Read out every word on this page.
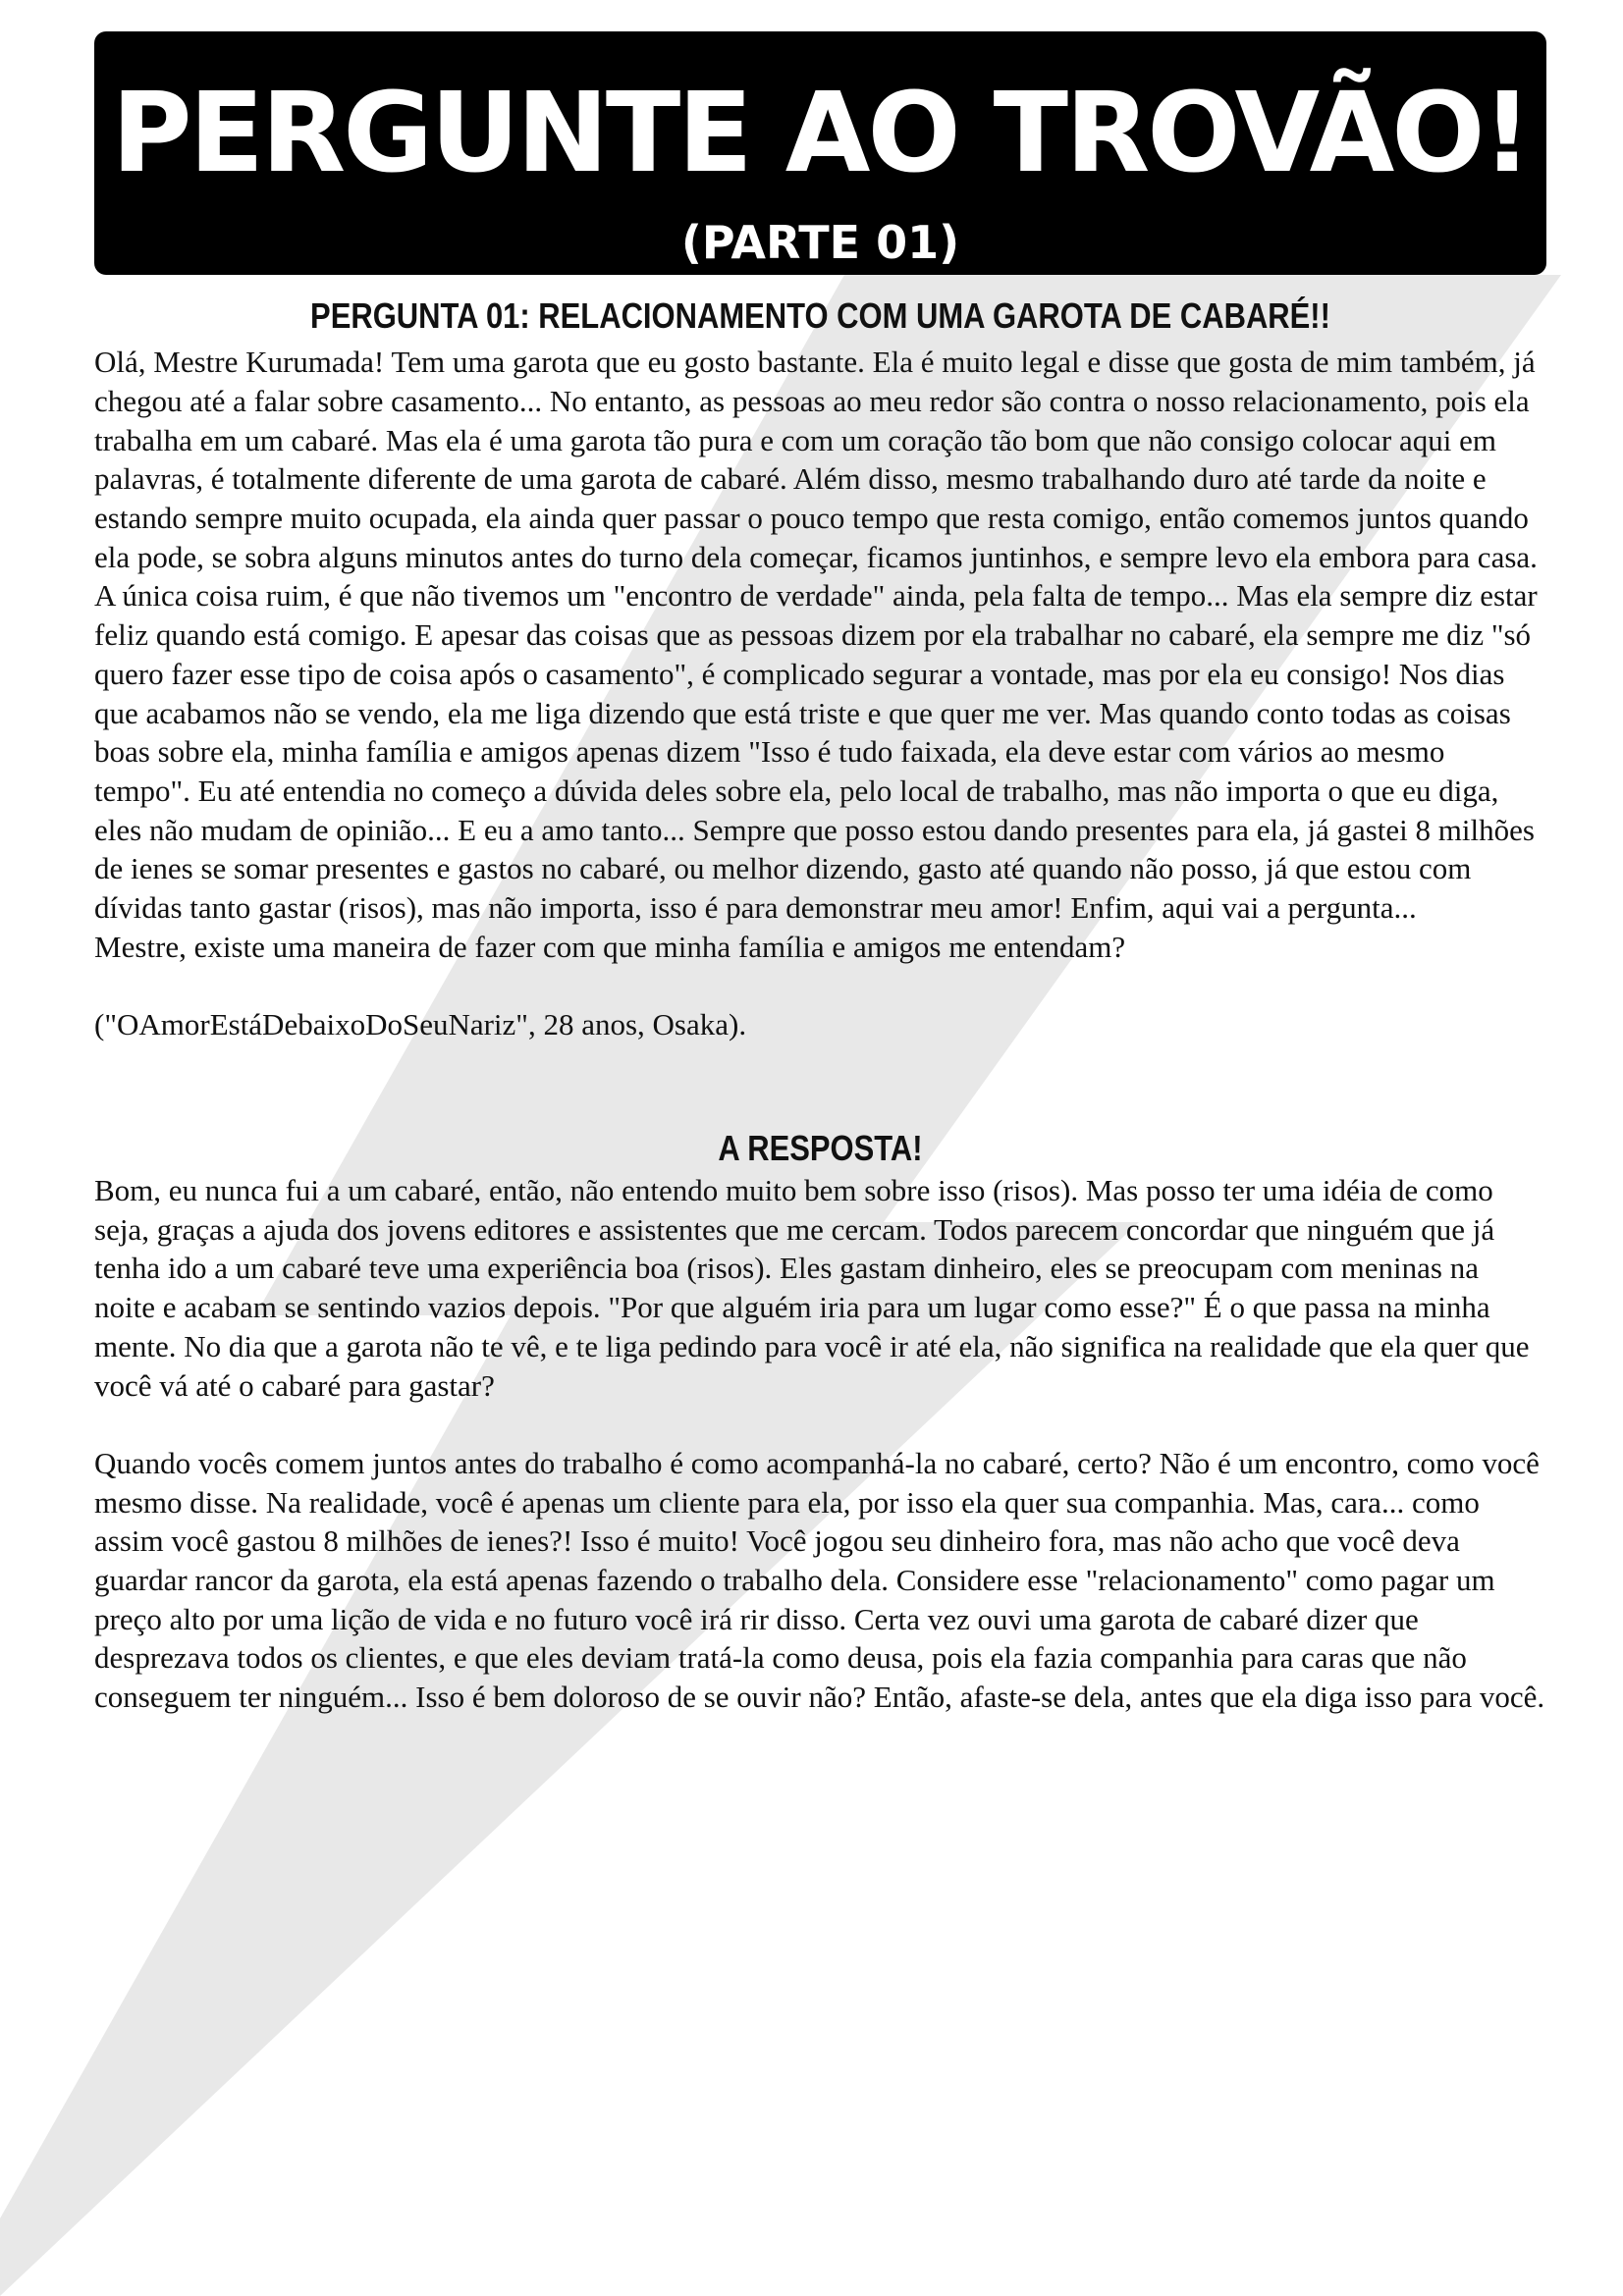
PERGUNTE AO TROVÃO!
(PARTE 01)
PERGUNTA 01: RELACIONAMENTO COM UMA GAROTA DE CABARÉ!!

Olá, Mestre Kurumada! Tem uma garota que eu gosto bastante. Ela é muito legal e disse que gosta de mim também, já chegou até a falar sobre casamento... No entanto, as pessoas ao meu redor são contra o nosso relacionamento, pois ela trabalha em um cabaré. Mas ela é uma garota tão pura e com um coração tão bom que não consigo colocar aqui em palavras, é totalmente diferente de uma garota de cabaré. Além disso, mesmo trabalhando duro até tarde da noite e estando sempre muito ocupada, ela ainda quer passar o pouco tempo que resta comigo, então comemos juntos quando ela pode, se sobra alguns minutos antes do turno dela começar, ficamos juntinhos, e sempre levo ela embora para casa. A única coisa ruim, é que não tivemos um "encontro de verdade" ainda, pela falta de tempo... Mas ela sempre diz estar feliz quando está comigo. E apesar das coisas que as pessoas dizem por ela trabalhar no cabaré, ela sempre me diz "só quero fazer esse tipo de coisa após o casamento", é complicado segurar a vontade, mas por ela eu consigo! Nos dias que acabamos não se vendo, ela me liga dizendo que está triste e que quer me ver. Mas quando conto todas as coisas boas sobre ela, minha família e amigos apenas dizem "Isso é tudo faixada, ela deve estar com vários ao mesmo tempo". Eu até entendia no começo a dúvida deles sobre ela, pelo local de trabalho, mas não importa o que eu diga, eles não mudam de opinião... E eu a amo tanto... Sempre que posso estou dando presentes para ela, já gastei 8 milhões de ienes se somar presentes e gastos no cabaré, ou melhor dizendo, gasto até quando não posso, já que estou com dívidas tanto gastar (risos), mas não importa, isso é para demonstrar meu amor! Enfim, aqui vai a pergunta...

Mestre, existe uma maneira de fazer com que minha família e amigos me entendam?

("OAmorEstáDebaixoDoSeuNariz", 28 anos, Osaka).

A RESPOSTA!

Bom, eu nunca fui a um cabaré, então, não entendo muito bem sobre isso (risos). Mas posso ter uma idéia de como seja, graças a ajuda dos jovens editores e assistentes que me cercam. Todos parecem concordar que ninguém que já tenha ido a um cabaré teve uma experiência boa (risos). Eles gastam dinheiro, eles se preocupam com meninas na noite e acabam se sentindo vazios depois. "Por que alguém iria para um lugar como esse?" É o que passa na minha mente. No dia que a garota não te vê, e te liga pedindo para você ir até ela, não significa na realidade que ela quer que você vá até o cabaré para gastar?

Quando vocês comem juntos antes do trabalho é como acompanhá-la no cabaré, certo? Não é um encontro, como você mesmo disse. Na realidade, você é apenas um cliente para ela, por isso ela quer sua companhia. Mas, cara... como assim você gastou 8 milhões de ienes?! Isso é muito! Você jogou seu dinheiro fora, mas não acho que você deva guardar rancor da garota, ela está apenas fazendo o trabalho dela. Considere esse "relacionamento" como pagar um preço alto por uma lição de vida e no futuro você irá rir disso. Certa vez ouvi uma garota de cabaré dizer que desprezava todos os clientes, e que eles deviam tratá-la como deusa, pois ela fazia companhia para caras que não conseguem ter ninguém... Isso é bem doloroso de se ouvir não? Então, afaste-se dela, antes que ela diga isso para você.
